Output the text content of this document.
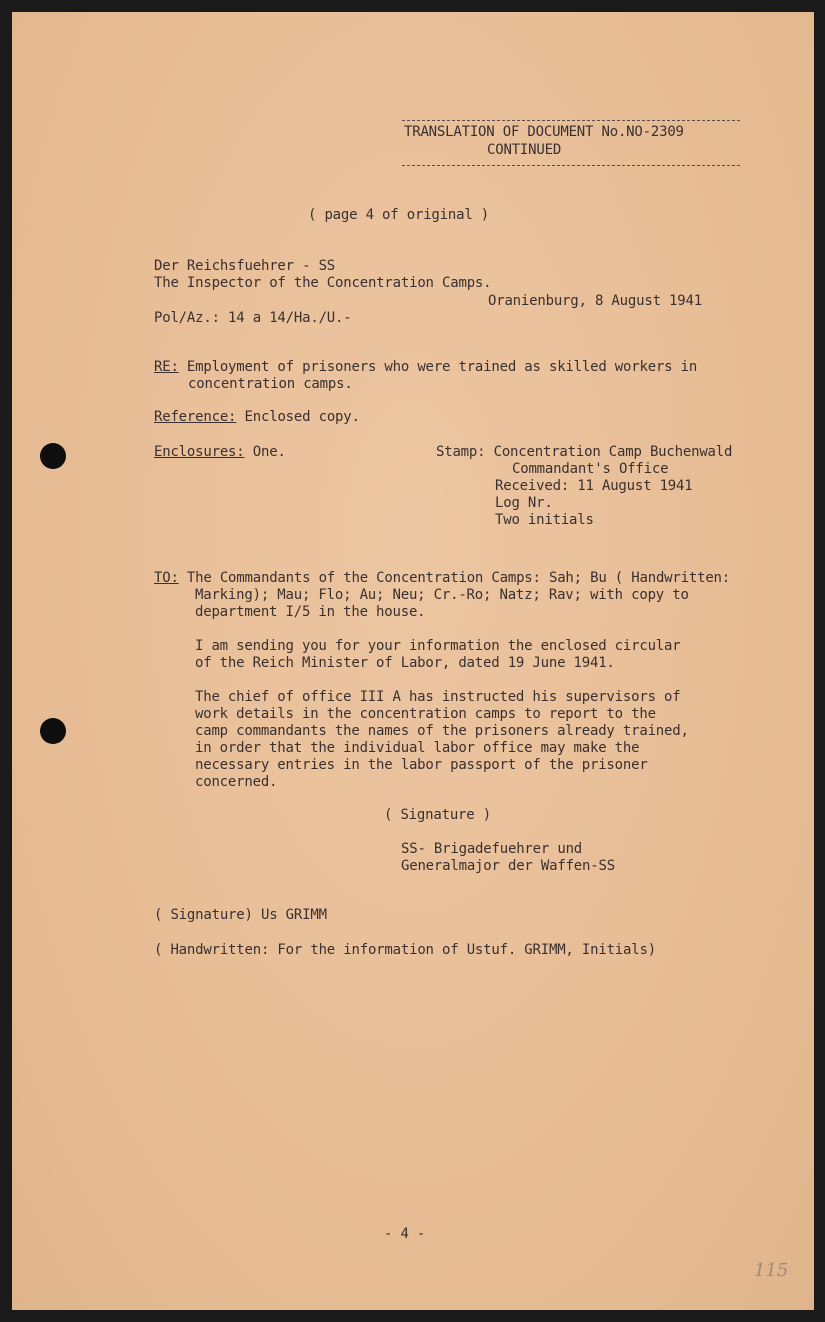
TRANSLATION OF DOCUMENT No.NO-2309
CONTINUED
( page 4 of original )
Der Reichsfuehrer - SS
The Inspector of the Concentration Camps.
Oranienburg, 8 August 1941
Pol/Az.: 14 a 14/Ha./U.-
RE: Employment of prisoners who were trained as skilled workers in
concentration camps.
Reference: Enclosed copy.
Enclosures: One.	Stamp: Concentration Camp Buchenwald
Commandant's Office
Received: 11 August 1941
Log Nr.
Two initials
TO: The Commandants of the Concentration Camps: Sah; Bu ( Handwritten:
Marking); Mau; Flo; Au; Neu; Cr.-Ro; Natz; Rav; with copy to
department I/5 in the house.
I am sending you for your information the enclosed circular
of the Reich Minister of Labor, dated 19 June 1941.
The chief of office III A has instructed his supervisors of
work details in the concentration camps to report to the
camp commandants the names of the prisoners already trained,
in order that the individual labor office may make the
necessary entries in the labor passport of the prisoner
concerned.
( Signature )
SS- Brigadefuehrer und
Generalmajor der Waffen-SS
( Signature) Us GRIMM
( Handwritten: For the information of Ustuf. GRIMM, Initials)
- 4 -
115
